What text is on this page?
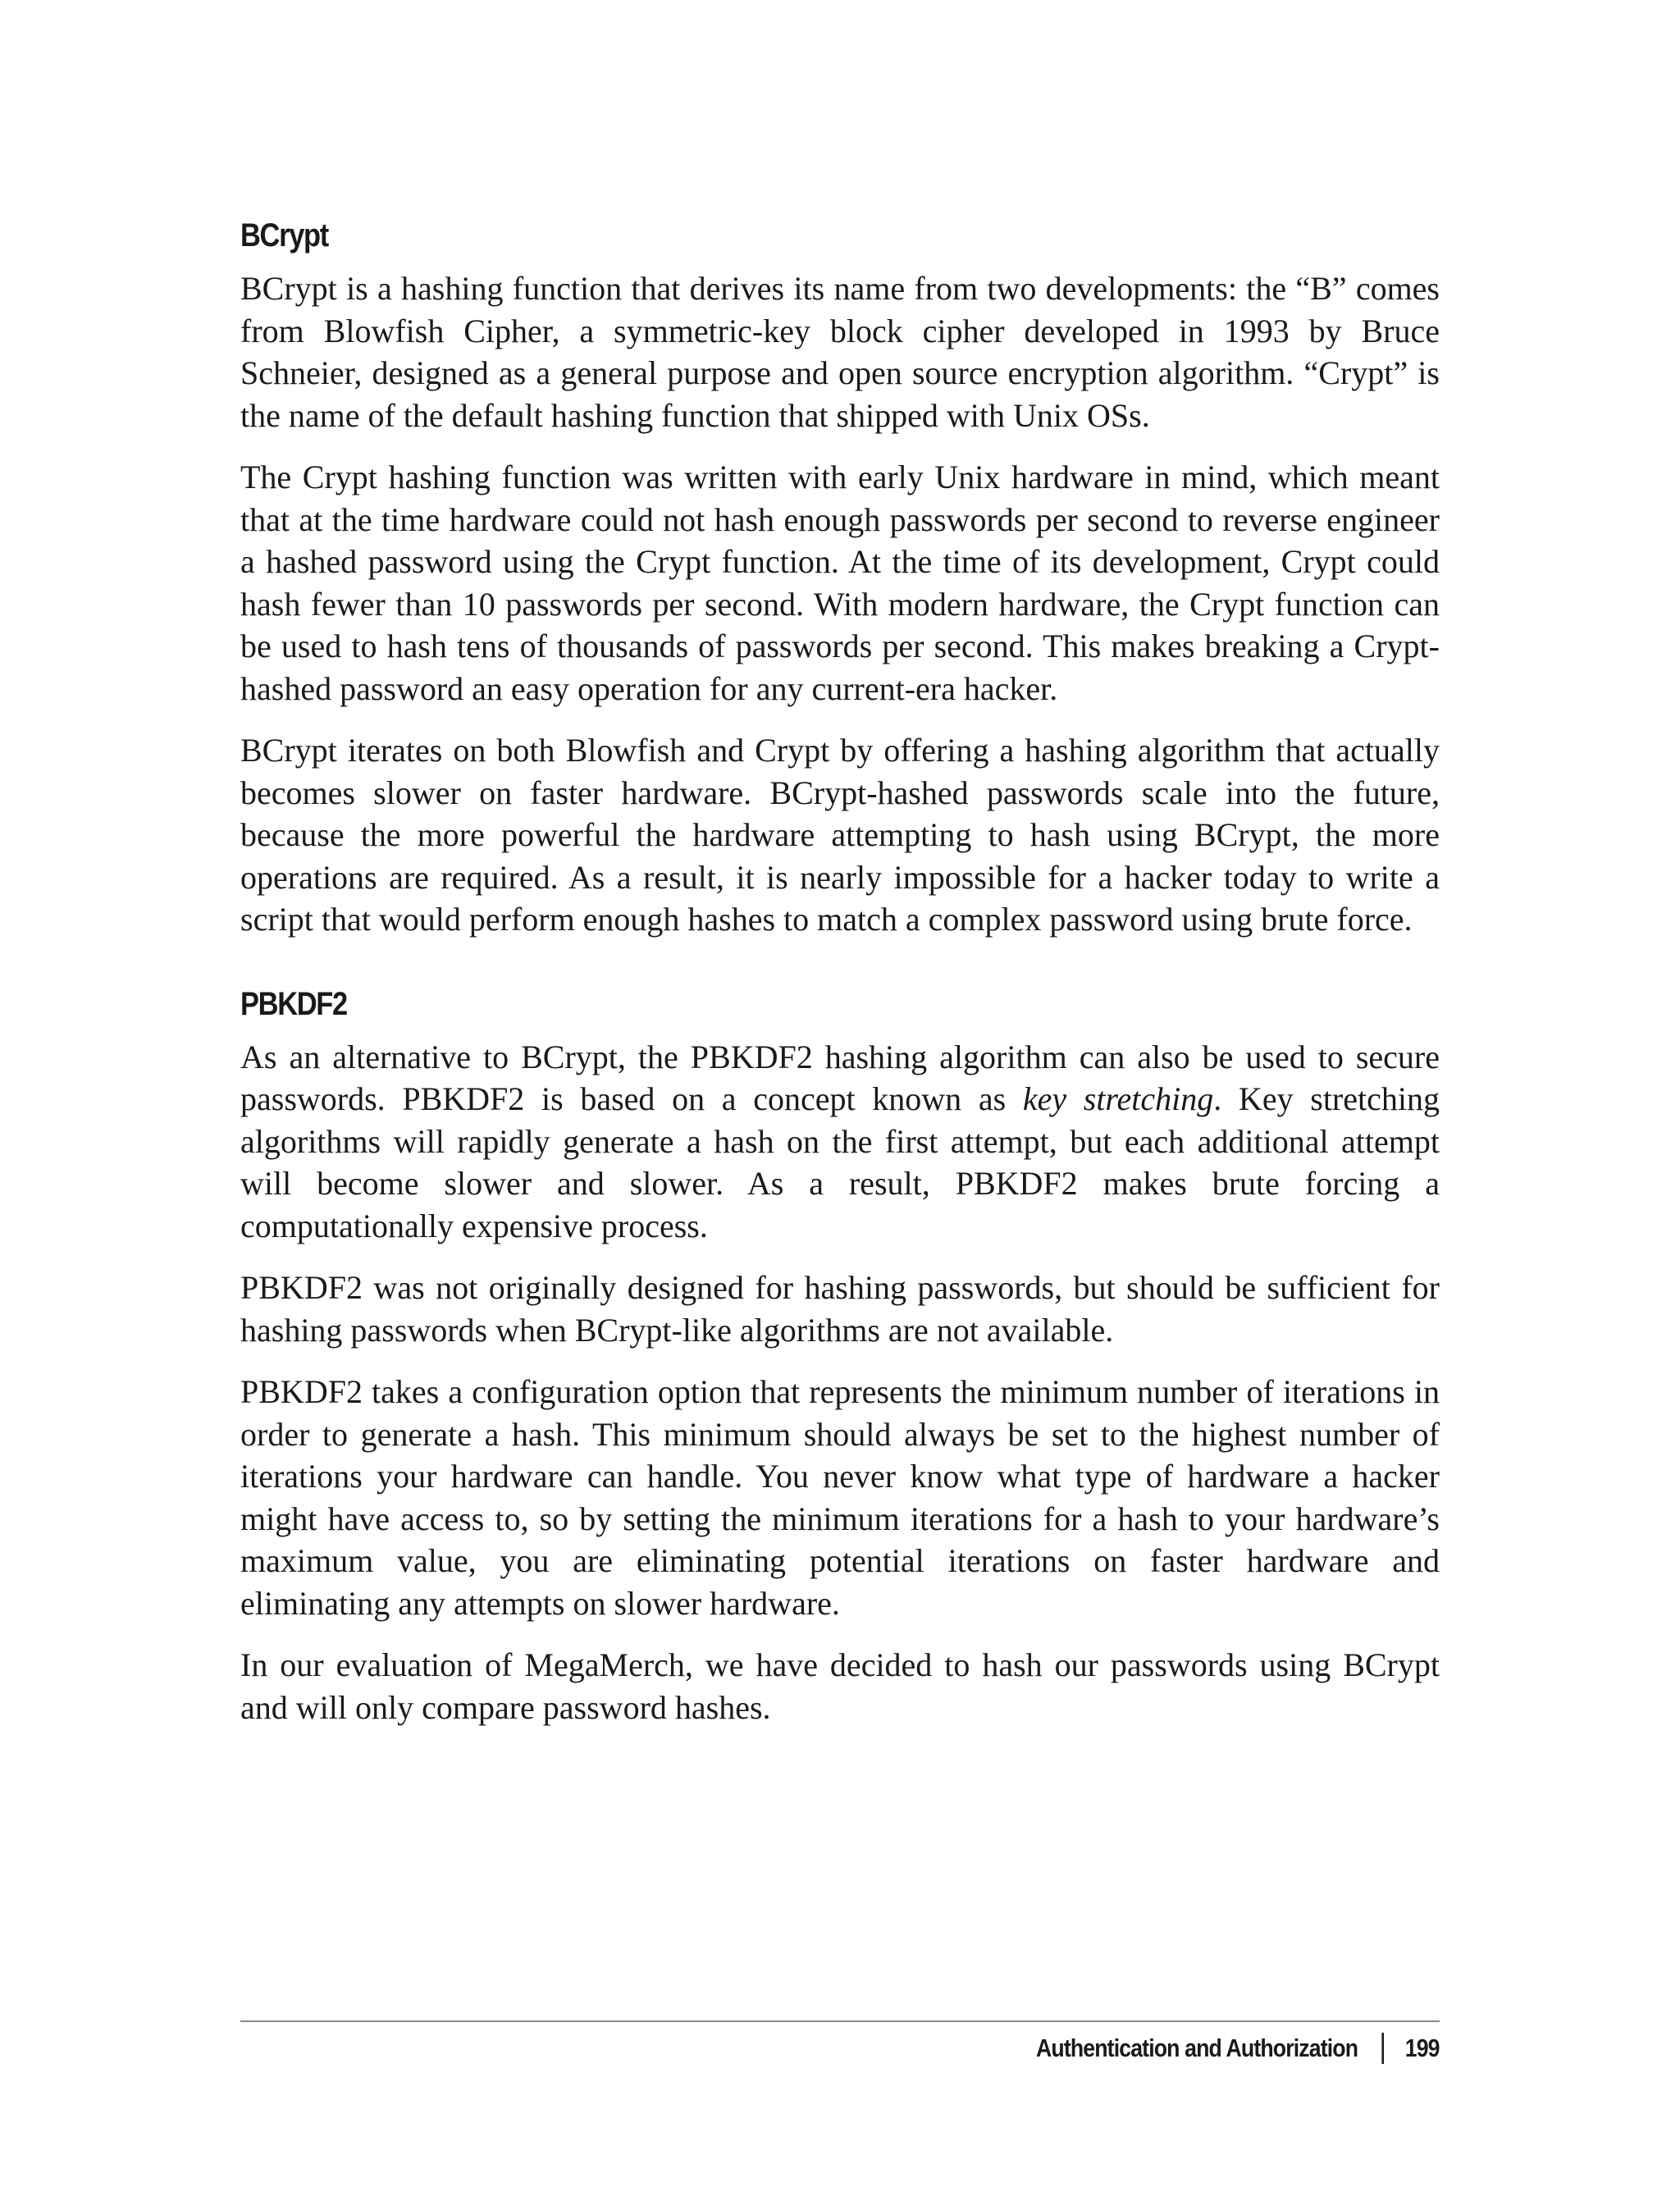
BCrypt

BCrypt is a hashing function that derives its name from two developments: the “B” comes from Blowfish Cipher, a symmetric-key block cipher developed in 1993 by Bruce Schneier, designed as a general purpose and open source encryption algorithm. “Crypt” is the name of the default hashing function that shipped with Unix OSs.

The Crypt hashing function was written with early Unix hardware in mind, which meant that at the time hardware could not hash enough passwords per second to reverse engineer a hashed password using the Crypt function. At the time of its development, Crypt could hash fewer than 10 passwords per second. With modern hardware, the Crypt function can be used to hash tens of thousands of passwords per second. This makes breaking a Crypt-hashed password an easy operation for any current-era hacker.

BCrypt iterates on both Blowfish and Crypt by offering a hashing algorithm that actually becomes slower on faster hardware. BCrypt-hashed passwords scale into the future, because the more powerful the hardware attempting to hash using BCrypt, the more operations are required. As a result, it is nearly impossible for a hacker today to write a script that would perform enough hashes to match a complex password using brute force.

PBKDF2

As an alternative to BCrypt, the PBKDF2 hashing algorithm can also be used to secure passwords. PBKDF2 is based on a concept known as key stretching. Key stretching algorithms will rapidly generate a hash on the first attempt, but each additional attempt will become slower and slower. As a result, PBKDF2 makes brute forcing a computationally expensive process.

PBKDF2 was not originally designed for hashing passwords, but should be sufficient for hashing passwords when BCrypt-like algorithms are not available.

PBKDF2 takes a configuration option that represents the minimum number of iterations in order to generate a hash. This minimum should always be set to the highest number of iterations your hardware can handle. You never know what type of hardware a hacker might have access to, so by setting the minimum iterations for a hash to your hardware’s maximum value, you are eliminating potential iterations on faster hardware and eliminating any attempts on slower hardware.

In our evaluation of MegaMerch, we have decided to hash our passwords using BCrypt and will only compare password hashes.

Authentication and Authorization 199
